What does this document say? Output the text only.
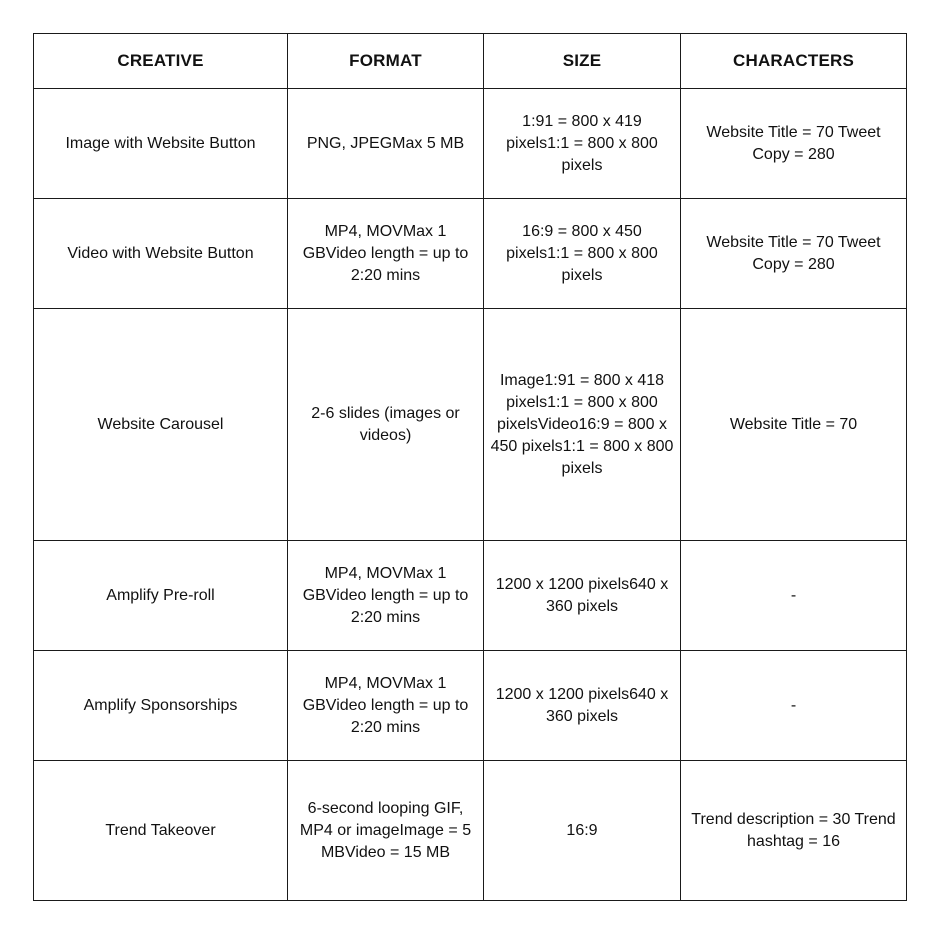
CREATIVE	FORMAT	SIZE	CHARACTERS
Image with Website Button	PNG, JPEGMax 5 MB	1:91 = 800 x 419 pixels1:1 = 800 x 800 pixels	Website Title = 70 Tweet Copy = 280
Video with Website Button	MP4, MOVMax 1 GBVideo length = up to 2:20 mins	16:9 = 800 x 450 pixels1:1 = 800 x 800 pixels	Website Title = 70 Tweet Copy = 280
Website Carousel	2-6 slides (images or videos)	Image1:91 = 800 x 418 pixels1:1 = 800 x 800 pixelsVideo16:9 = 800 x 450 pixels1:1 = 800 x 800 pixels	Website Title = 70
Amplify Pre-roll	MP4, MOVMax 1 GBVideo length = up to 2:20 mins	1200 x 1200 pixels640 x 360 pixels	-
Amplify Sponsorships	MP4, MOVMax 1 GBVideo length = up to 2:20 mins	1200 x 1200 pixels640 x 360 pixels	-
Trend Takeover	6-second looping GIF, MP4 or imageImage = 5 MBVideo = 15 MB	16:9	Trend description = 30 Trend hashtag = 16
